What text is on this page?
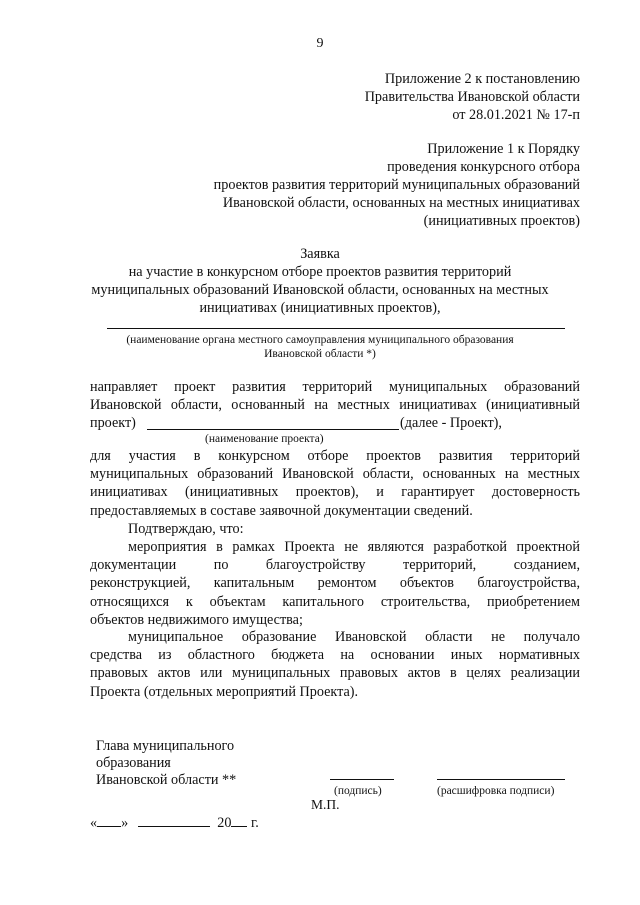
9
Приложение 2 к постановлению
Правительства Ивановской области
от 28.01.2021 № 17-п
Приложение 1 к Порядку
проведения конкурсного отбора
проектов развития территорий муниципальных образований
Ивановской области, основанных на местных инициативах
(инициативных проектов)
Заявка
на участие в конкурсном отборе проектов развития территорий
муниципальных образований Ивановской области, основанных на местных
инициативах (инициативных проектов),
(наименование органа местного самоуправления муниципального образования
Ивановской области *)
направляет проект развития территорий муниципальных образований
Ивановской области, основанный на местных инициативах (инициативный
проект)	(далее - Проект),
(наименование проекта)
для участия в конкурсном отборе проектов развития территорий
муниципальных образований Ивановской области, основанных на местных
инициативах (инициативных проектов), и гарантирует достоверность
предоставляемых в составе заявочной документации сведений.
Подтверждаю, что:
мероприятия в рамках Проекта не являются разработкой проектной
документации по благоустройству территорий, созданием,
реконструкцией, капитальным ремонтом объектов благоустройства,
относящихся к объектам капитального строительства, приобретением
объектов недвижимого имущества;
муниципальное образование Ивановской области не получало
средства из областного бюджета на основании иных нормативных
правовых актов или муниципальных правовых актов в целях реализации
Проекта (отдельных мероприятий Проекта).
Глава муниципального
образования
Ивановской области **
(подпись)	(расшифровка подписи)
М.П.
« »	20 г.
